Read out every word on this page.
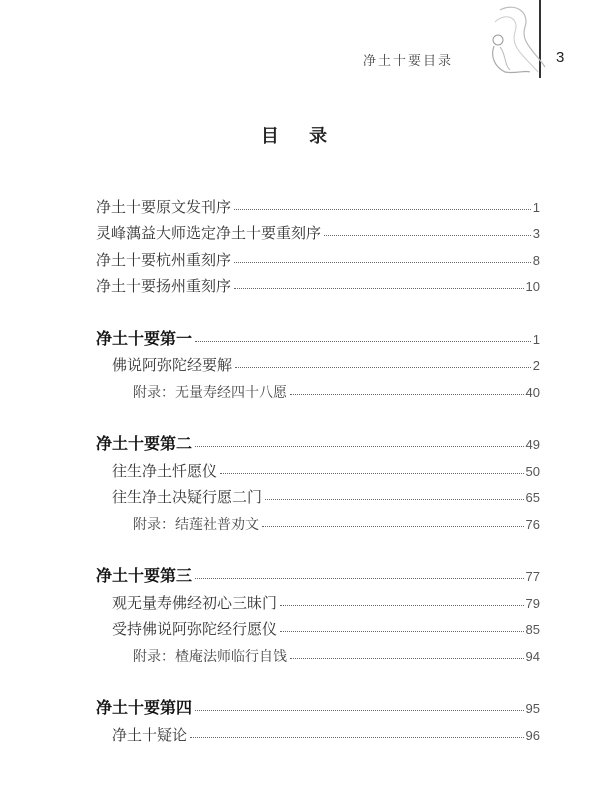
净土十要目录	3
目 录
净土十要原文发刊序	1
灵峰蕅益大师选定净土十要重刻序	3
净土十要杭州重刻序	8
净土十要扬州重刻序	10
净土十要第一	1
佛说阿弥陀经要解	2
附录：无量寿经四十八愿	40
净土十要第二	49
往生净土忏愿仪	50
往生净土决疑行愿二门	65
附录：结莲社普劝文	76
净土十要第三	77
观无量寿佛经初心三昧门	79
受持佛说阿弥陀经行愿仪	85
附录：楂庵法师临行自饯	94
净土十要第四	95
净土十疑论	96
